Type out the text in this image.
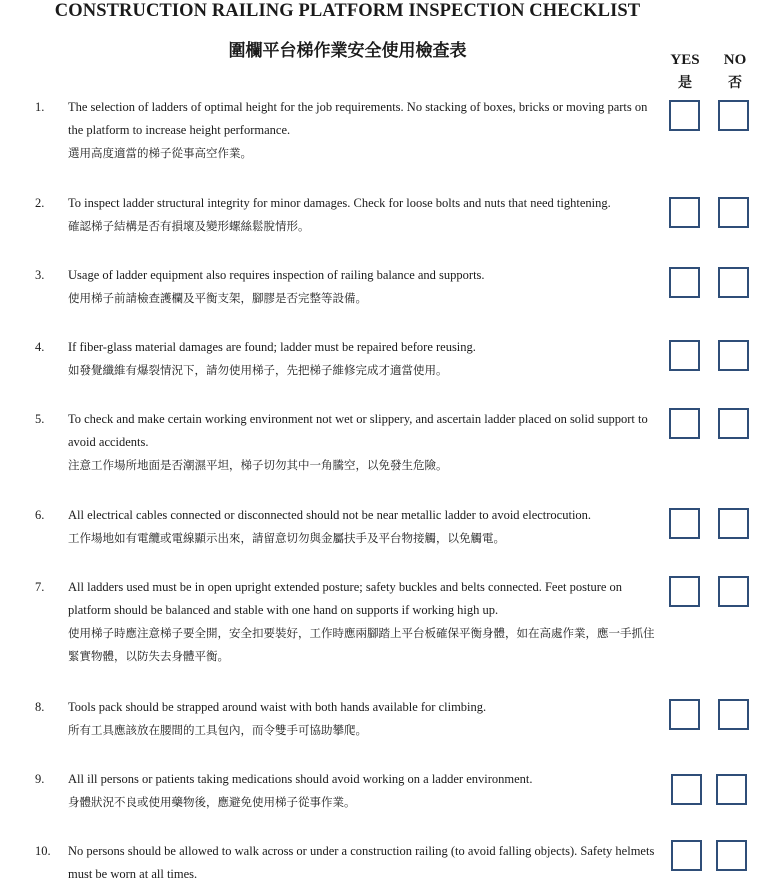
CONSTRUCTION RAILING PLATFORM INSPECTION CHECKLIST
圍欄平台梯作業安全使用檢查表	YES
是
NO
否
1. The selection of ladders of optimal height for the job requirements. No stacking of boxes, bricks or moving parts on the platform to increase height performance.
選用高度適當的梯子從事高空作業。
2. To inspect ladder structural integrity for minor damages. Check for loose bolts and nuts that need tightening.
確認梯子結構是否有損壞及變形螺絲鬆脫情形。
3. Usage of ladder equipment also requires inspection of railing balance and supports.
使用梯子前請檢查護欄及平衡支架，腳膠是否完整等設備。
4. If fiber-glass material damages are found; ladder must be repaired before reusing.
如發覺纖維有爆裂情況下，請勿使用梯子，先把梯子維修完成才適當使用。
5. To check and make certain working environment not wet or slippery, and ascertain ladder placed on solid support to avoid accidents.
注意工作場所地面是否潮濕平坦，梯子切勿其中一角騰空，以免發生危險。
6. All electrical cables connected or disconnected should not be near metallic ladder to avoid electrocution.
工作場地如有電纜或電線顯示出來，請留意切勿與金屬扶手及平台物接觸，以免觸電。
7. All ladders used must be in open upright extended posture; safety buckles and belts connected. Feet posture on platform should be balanced and stable with one hand on supports if working high up.
使用梯子時應注意梯子要全開，安全扣要裝好，工作時應兩腳踏上平台板確保平衡身體，如在高處作業，應一手抓住緊實物體，以防失去身體平衡。
8. Tools pack should be strapped around waist with both hands available for climbing.
所有工具應該放在腰間的工具包內，而令雙手可協助攀爬。
9. All ill persons or patients taking medications should avoid working on a ladder environment.
身體狀況不良或使用藥物後，應避免使用梯子從事作業。
10. No persons should be allowed to walk across or under a construction railing (to avoid falling objects). Safety helmets must be worn at all times.
